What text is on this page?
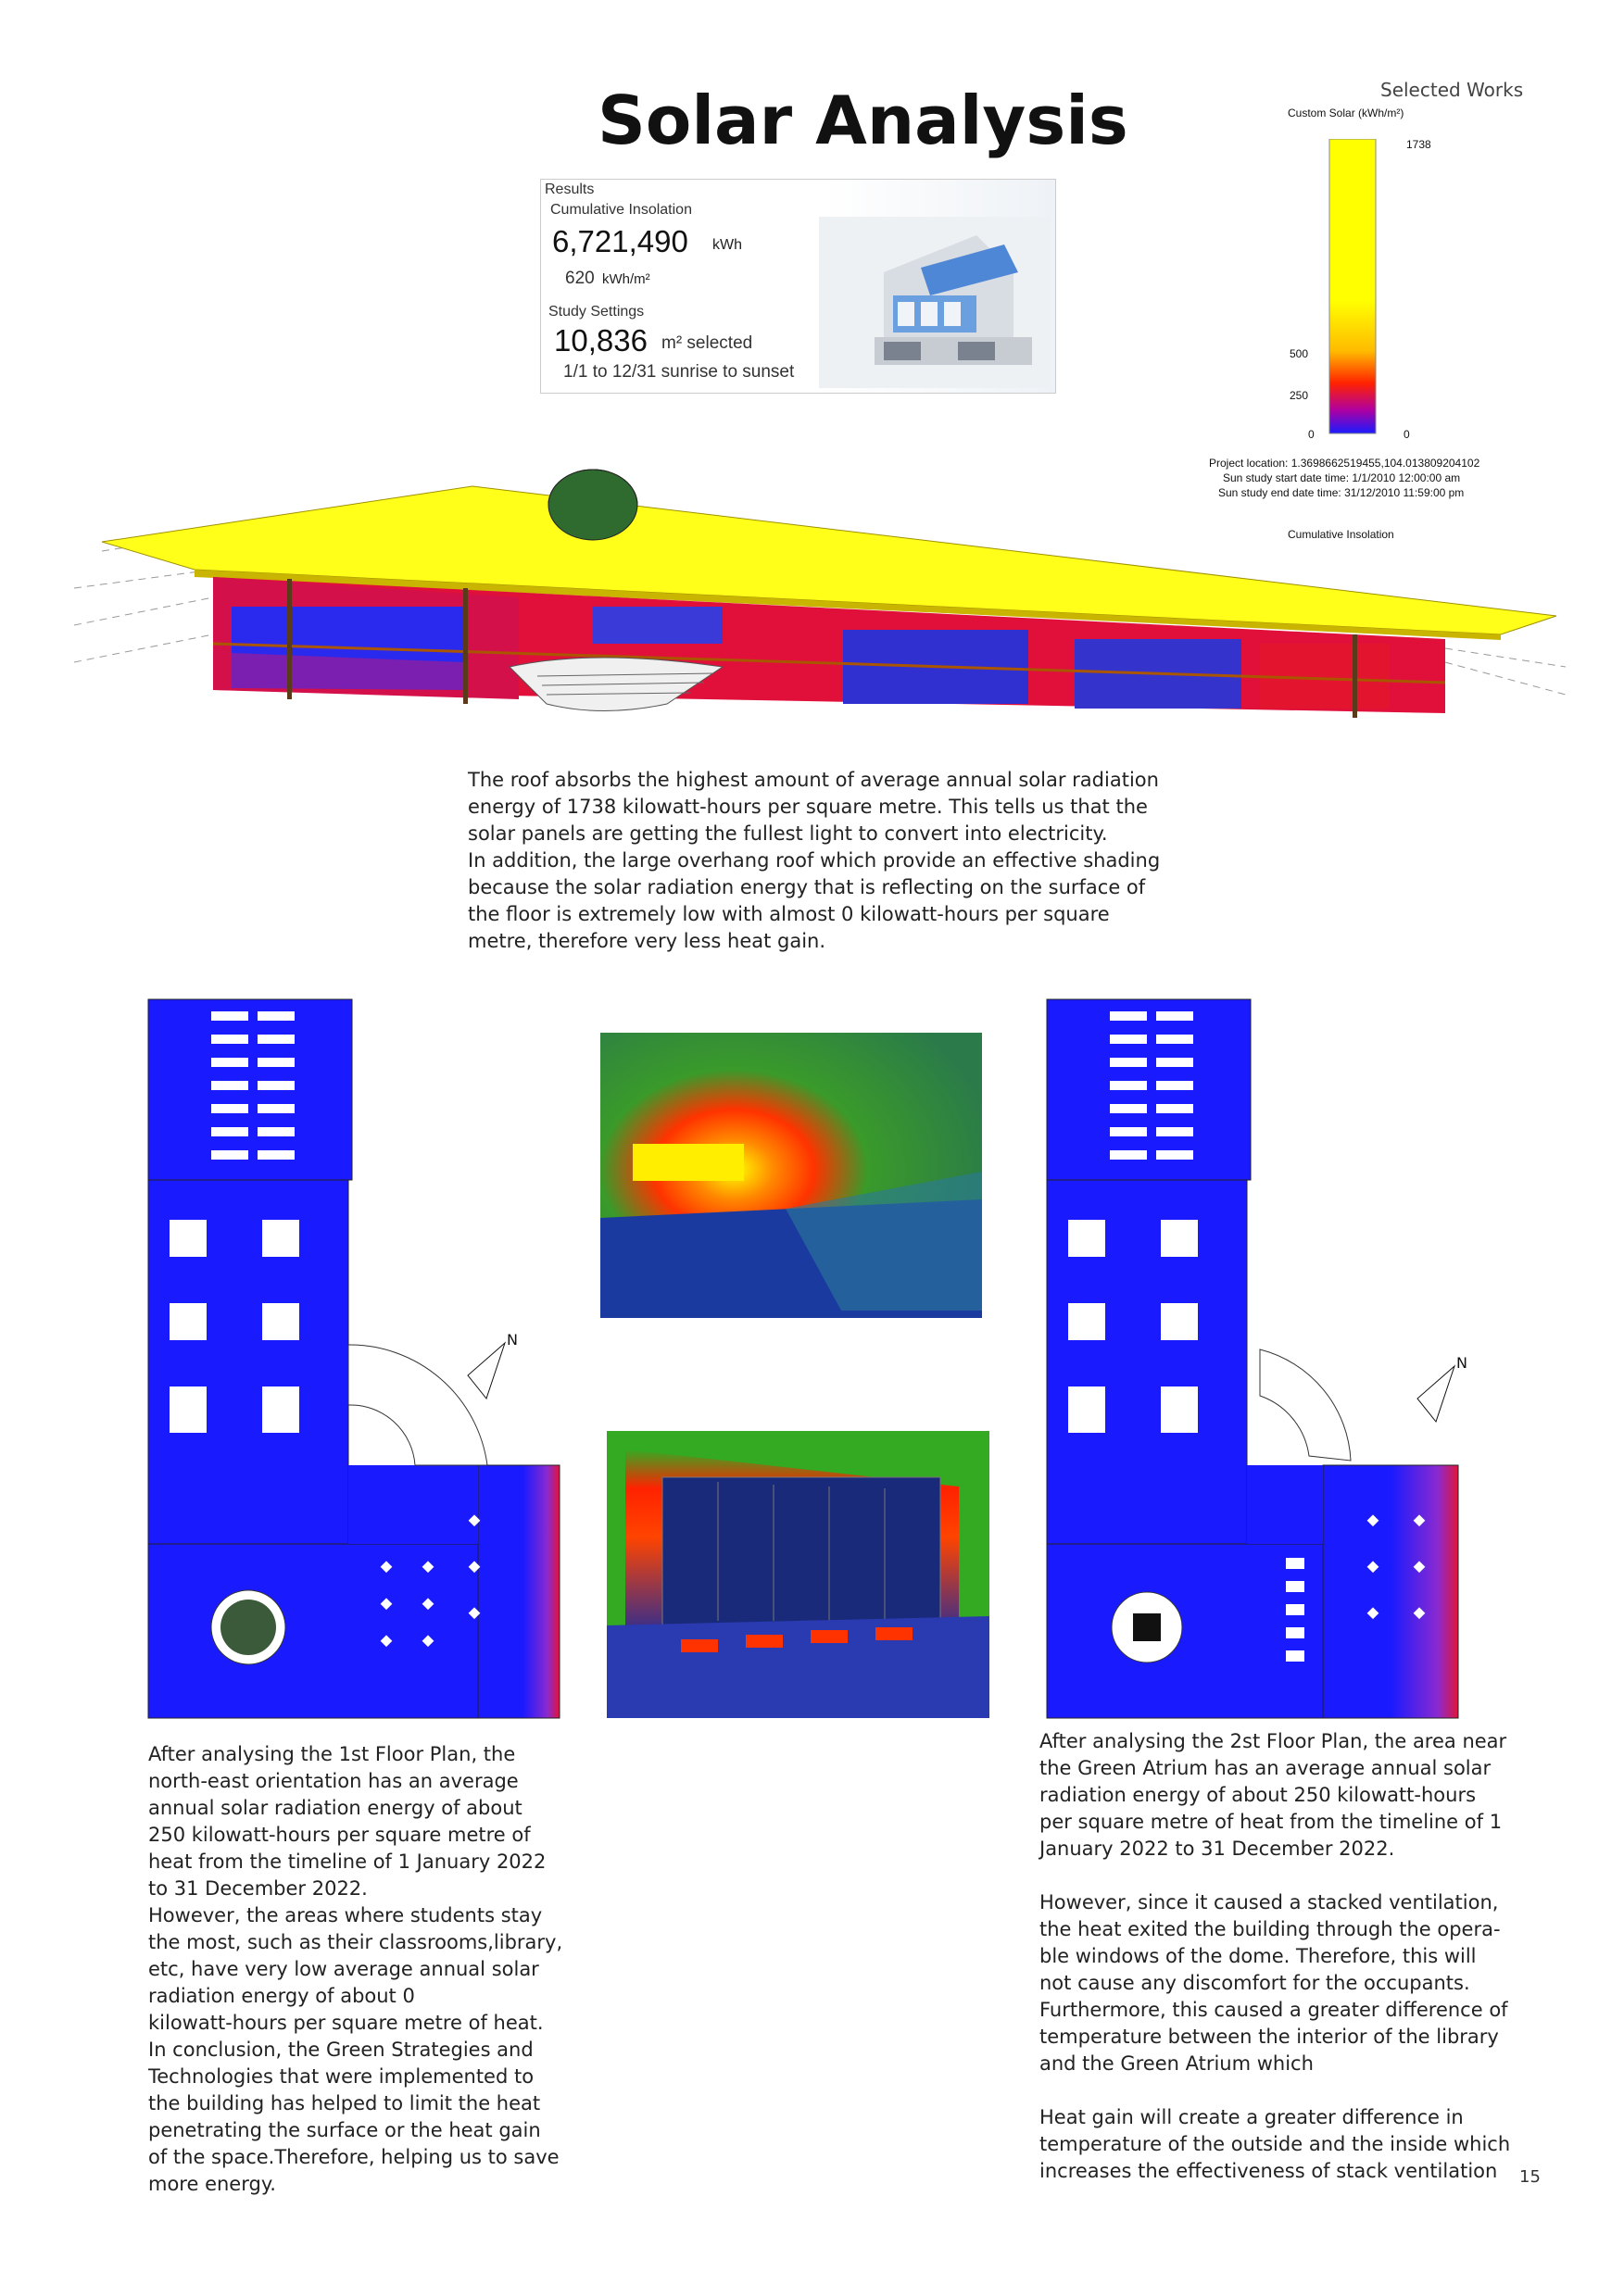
Selected Works
Solar Analysis
Results
Cumulative Insolation
6,721,490 kWh
620 kWh/m²
Study Settings
10,836 m² selected
1/1 to 12/31 sunrise to sunset
Custom Solar (kWh/m²)
1738
500
250
0	0
Project location: 1.3698662519455,104.013809204102
Sun study start date time: 1/1/2010 12:00:00 am
Sun study end date time: 31/12/2010 11:59:00 pm
Cumulative Insolation
The roof absorbs the highest amount of average annual solar radiation
energy of 1738 kilowatt-hours per square metre. This tells us that the
solar panels are getting the fullest light to convert into electricity.
In addition, the large overhang roof which provide an effective shading
because the solar radiation energy that is reflecting on the surface of
the floor is extremely low with almost 0 kilowatt-hours per square
metre, therefore very less heat gain.
N
N
After analysing the 1st Floor Plan, the
north-east orientation has an average
annual solar radiation energy of about
250 kilowatt-hours per square metre of
heat from the timeline of 1 January 2022
to 31 December 2022.
However, the areas where students stay
the most, such as their classrooms,library,
etc, have very low average annual solar
radiation energy of about 0
kilowatt-hours per square metre of heat.
In conclusion, the Green Strategies and
Technologies that were implemented to
the building has helped to limit the heat
penetrating the surface or the heat gain
of the space.Therefore, helping us to save
more energy.
After analysing the 2st Floor Plan, the area near
the Green Atrium has an average annual solar
radiation energy of about 250 kilowatt-hours
per square metre of heat from the timeline of 1
January 2022 to 31 December 2022.

However, since it caused a stacked ventilation,
the heat exited the building through the opera-
ble windows of the dome. Therefore, this will
not cause any discomfort for the occupants.
Furthermore, this caused a greater difference of
temperature between the interior of the library
and the Green Atrium which

Heat gain will create a greater difference in
temperature of the outside and the inside which
increases the effectiveness of stack ventilation	15
